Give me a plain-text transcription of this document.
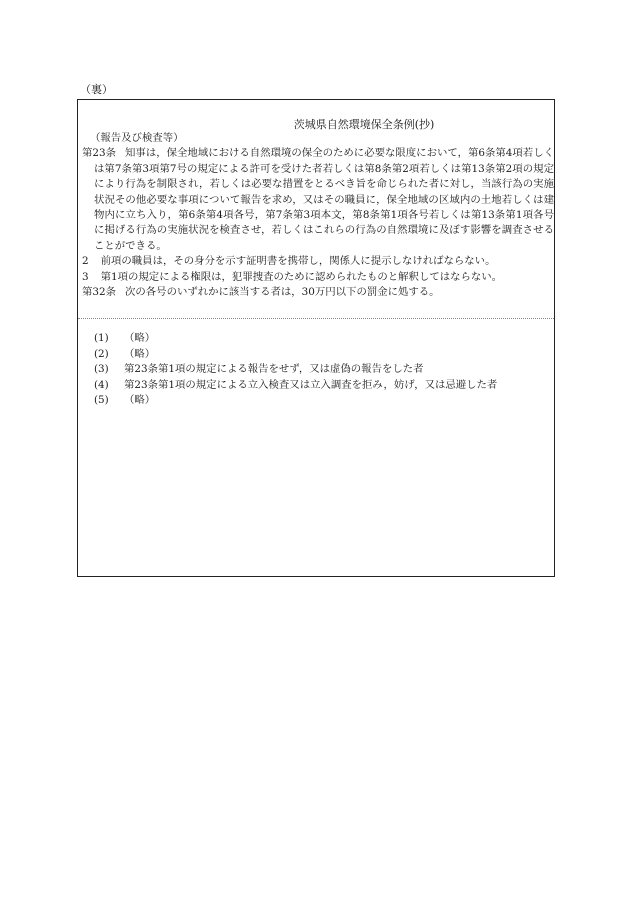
（裏）
茨城県自然環境保全条例(抄)
（報告及び検査等）
第23条 知事は，保全地域における自然環境の保全のために必要な限度において，第6条第4項若しくは第7条第3項第7号の規定による許可を受けた者若しくは第8条第2項若しくは第13条第2項の規定により行為を制限され，若しくは必要な措置をとるべき旨を命じられた者に対し，当該行為の実施状況その他必要な事項について報告を求め，又はその職員に，保全地域の区域内の土地若しくは建物内に立ち入り，第6条第4項各号，第7条第3項本文，第8条第1項各号若しくは第13条第1項各号に掲げる行為の実施状況を検査させ，若しくはこれらの行為の自然環境に及ぼす影響を調査させることができる。
2 前項の職員は，その身分を示す証明書を携帯し，関係人に提示しなければならない。
3 第1項の規定による権限は，犯罪捜査のために認められたものと解釈してはならない。
第32条 次の各号のいずれかに該当する者は，30万円以下の罰金に処する。
(1) （略）
(2) （略）
(3) 第23条第1項の規定による報告をせず，又は虚偽の報告をした者
(4) 第23条第1項の規定による立入検査又は立入調査を拒み，妨げ，又は忌避した者
(5) （略）
